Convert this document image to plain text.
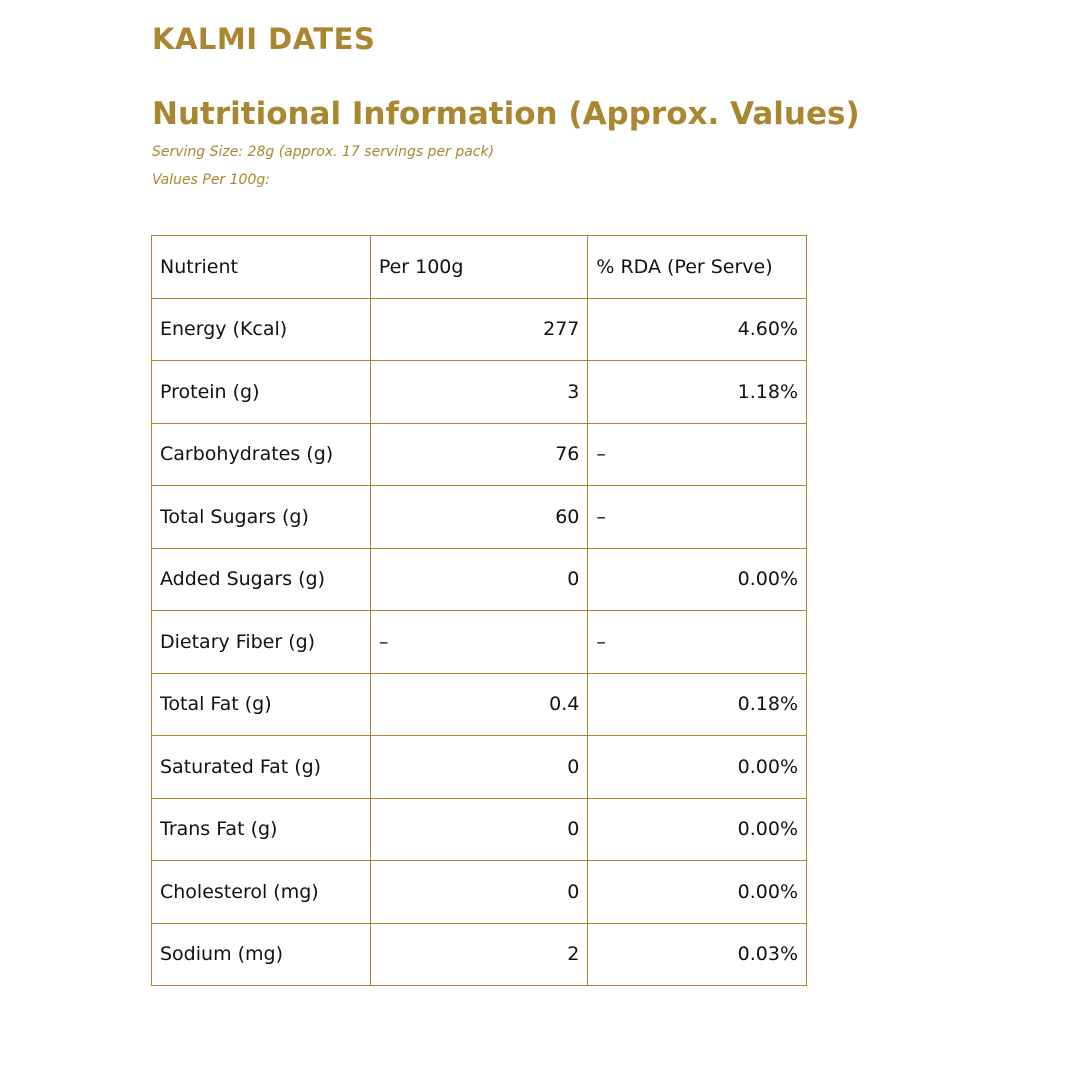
KALMI DATES
Nutritional Information (Approx. Values)

Serving Size: 28g (approx. 17 servings per pack)

Values Per 100g:

Nutrient	Per 100g	% RDA (Per Serve)
Energy (Kcal)	277	4.60%
Protein (g)	3	1.18%
Carbohydrates (g)	76	–
Total Sugars (g)	60	–
Added Sugars (g)	0	0.00%
Dietary Fiber (g)	–	–
Total Fat (g)	0.4	0.18%
Saturated Fat (g)	0	0.00%
Trans Fat (g)	0	0.00%
Cholesterol (mg)	0	0.00%
Sodium (mg)	2	0.03%
